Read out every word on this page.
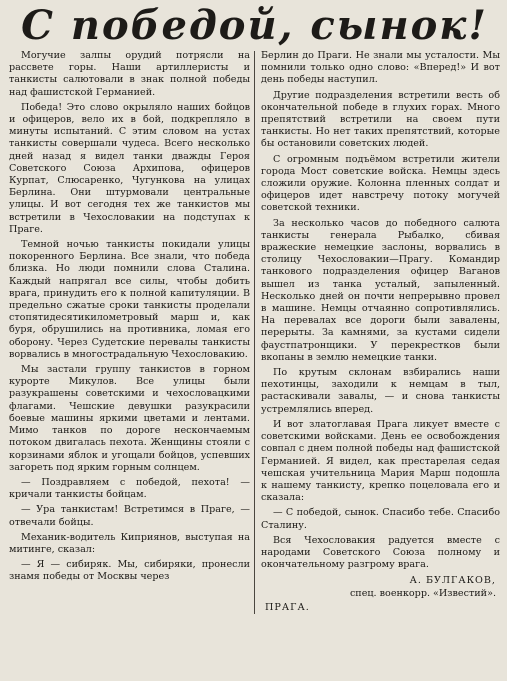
С победой, сынок!

Могучие залпы орудий потрясли на рассвете горы. Наши артиллеристы и танкисты салютовали в знак полной победы над фашистской Германией.

Победа! Это слово окрыляло наших бойцов и офицеров, вело их в бой, подкрепляло в минуты испытаний. С этим словом на устах танкисты совершали чудеса. Всего несколько дней назад я видел танки дважды Героя Советского Союза Архипова, офицеров Курпат, Слюсаренко, Чугункова на улицах Берлина. Они штурмовали центральные улицы. И вот сегодня тех же танкистов мы встретили в Чехословакии на подступах к Праге.

Темной ночью танкисты покидали улицы покоренного Берлина. Все знали, что победа близка. Но люди помнили слова Сталина. Каждый напрягал все силы, чтобы добить врага, принудить его к полной капитуляции. В предельно сжатые сроки танкисты проделали стопятидесятикилометровый марш и, как буря, обрушились на противника, ломая его оборону. Через Судетские перевалы танкисты ворвались в многострадальную Чехословакию.

Мы застали группу танкистов в горном курорте Микулов. Все улицы были разукрашены советскими и чехословацкими флагами. Чешские девушки разукрасили боевые машины яркими цветами и лентами. Мимо танков по дороге нескончаемым потоком двигалась пехота. Женщины стояли с корзинами яблок и угощали бойцов, успевших загореть под ярким горным солнцем.

— Поздравляем с победой, пехота! — кричали танкисты бойцам.

— Ура танкистам! Встретимся в Праге, — отвечали бойцы.

Механик-водитель Киприянов, выступая на митинге, сказал:

— Я — сибиряк. Мы, сибиряки, пронесли знамя победы от Москвы через

Берлин до Праги. Не знали мы усталости. Мы помнили только одно слово: «Вперед!» И вот день победы наступил.

Другие подразделения встретили весть об окончательной победе в глухих горах. Много препятствий встретили на своем пути танкисты. Но нет таких препятствий, которые бы остановили советских людей.

С огромным подъёмом встретили жители города Мост советские войска. Немцы здесь сложили оружие. Колонна пленных солдат и офицеров идет навстречу потоку могучей советской техники.

За несколько часов до победного салюта танкисты генерала Рыбалко, сбивая вражеские немецкие заслоны, ворвались в столицу Чехословакии—Прагу. Командир танкового подразделения офицер Ваганов вышел из танка усталый, запыленный. Несколько дней он почти непрерывно провел в машине. Немцы отчаянно сопротивлялись. На перевалах все дороги были завалены, перерыты. За камнями, за кустами сидели фаустпатронщики. У перекрестков были вкопаны в землю немецкие танки.

По крутым склонам взбирались наши пехотинцы, заходили к немцам в тыл, растаскивали завалы, — и снова танкисты устремлялись вперед.

И вот златоглавая Прага ликует вместе с советскими войсками. День ее освобождения совпал с днем полной победы над фашистской Германией. Я видел, как престарелая седая чешская учительница Мария Марш подошла к нашему танкисту, крепко поцеловала его и сказала:

— С победой, сынок. Спасибо тебе. Спасибо Сталину.

Вся Чехословакия радуется вместе с народами Советского Союза полному и окончательному разгрому врага.

А. БУЛГАКОВ,
спец. военкорр. «Известий».
ПРАГА.
